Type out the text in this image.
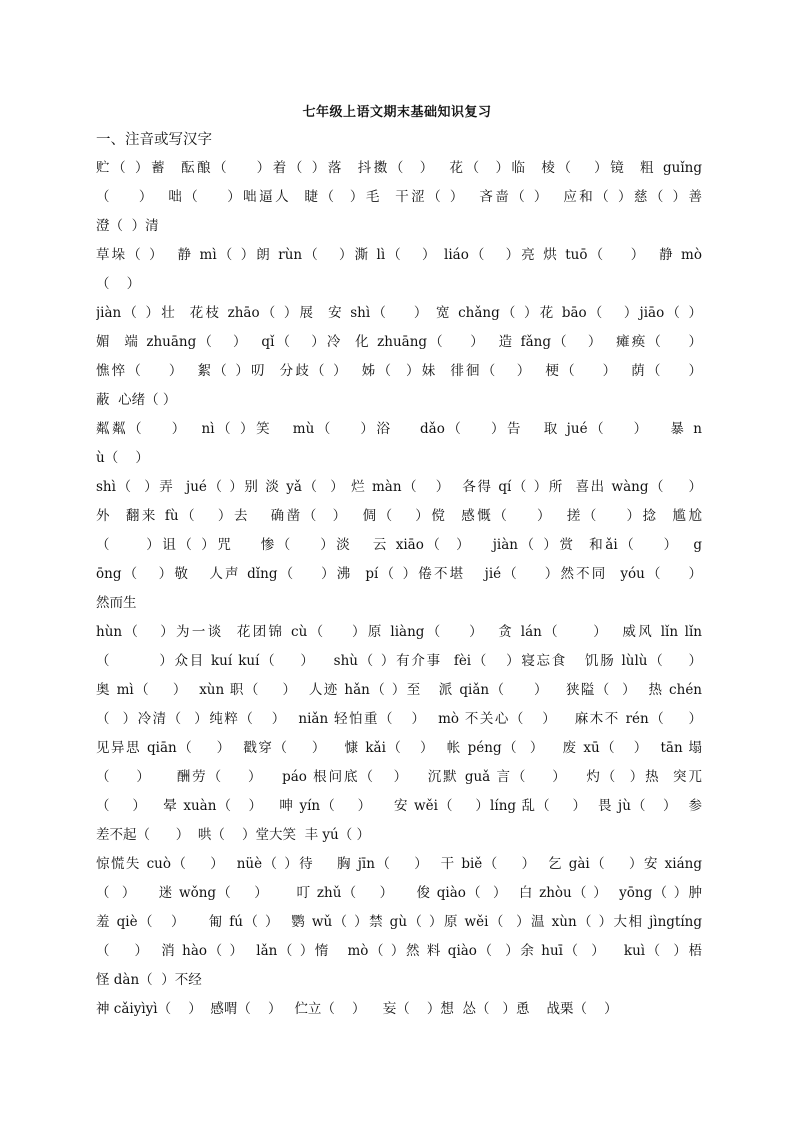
七年级上语文期末基础知识复习
一、注音或写汉字
贮（ ）蓄  酝酿（    ）着（ ）落  抖擞（  ）  花（  ）临  棱（   ）镜  粗 guǐng
（    ）  咄（    ）咄逼人  睫（  ）毛  干涩（ ）  吝啬（ ）  应和（ ）慈（ ）善
澄（  ）清
草垛（ ）  静 mì（ ）朗 rùn（   ）澌 lì（   ） liáo（   ）亮 烘 tuō（    ）  静 mò
（    ）
jiàn（ ）壮  花枝 zhāo（ ）展  安 shì（    ） 宽 chǎng（ ）花 bāo（   ）jiāo（ ）
媚  端 zhuāng（   ）  qǐ（   ）冷  化 zhuāng（    ）  造 fǎng（   ）  瘫痪（    ）
憔悴（    ）  絮（ ）叨  分歧（ ）  姊（  ）妹  徘徊（   ）  梗（    ）  荫（    ）
蔽  心绪（ ）
粼粼（    ）  nì（ ）笑   mù（    ）浴    dǎo（    ）告   取 jué（    ）   暴 n
ù（    ）
shì（  ）弄  jué（ ）别 淡 yǎ（  ） 烂 màn（   ）  各得 qí（ ）所  喜出 wàng（    ）
外  翻来 fù（   ）去   确凿（  ）  倜（   ）傥  感慨（    ）  搓（    ）捻  尴尬
（     ）诅（ ）咒    惨（    ）淡   云 xiāo（  ）   jiàn（ ）赏  和ǎi（    ）  g
ōng（   ）敬   人声 dǐng（    ）沸  pí（ ）倦不堪   jié（    ）然不同  yóu（    ）
然而生
hùn（   ）为一谈  花团锦 cù（    ）原 liàng（    ）  贪 lán（     ）  威风 lǐn lǐn
（        ）众目 kuí kuí（    ）   shù（ ）有介事  fèi（   ）寝忘食   饥肠 lùlù（    ）
奥 mì（    ）  xùn 职（    ）  人迹 hǎn（ ）至   派 qiǎn（     ）   狭隘（  ）  热 chén
（  ）冷清（  ）纯粹（   ）  niǎn 轻怕重（   ）  mò 不关心（   ）   麻木不 rén（    ）
见异思 qiān（    ）  戳穿（    ）   慷 kǎi（   ）  帐 péng（  ）   废 xū（   ）  tān 塌
（    ）    酬劳（    ）   páo 根问底（   ）   沉默 guǎ 言（    ）   灼（  ）热  突兀
（    ）   晕 xuàn（   ）   呻 yín（    ）    安 wěi（    ）líng 乱（    ）  畏 jù（   ）  参
差不起（      ）  哄（    ）堂大笑  丰 yú（ ）
惊慌失 cuò（    ）  nüè（ ）待    胸 jīn（    ）  干 biě（    ）  乞 gài（    ）安 xiáng
（  ）    迷 wǒng（    ）     叮 zhǔ（    ）    俊 qiào（  ）  白 zhòu（ ）  yōng（ ）肿
羞 qiè（   ）    匍 fú（ ）  鹦 wǔ（ ）禁 gù（ ）原 wěi（  ）温 xùn（ ）大相 jìngtíng
（    ）  消 hào（ ）  lǎn（ ）惰   mò（ ）然 料 qiào（  ）余 huī（  ）   kuì（  ）梧
怪 dàn（  ）不经
神 cǎiyìyì（    ）  感喟（    ）   伫立（    ）    妄（    ）想  怂（   ）恿    战栗（    ）
